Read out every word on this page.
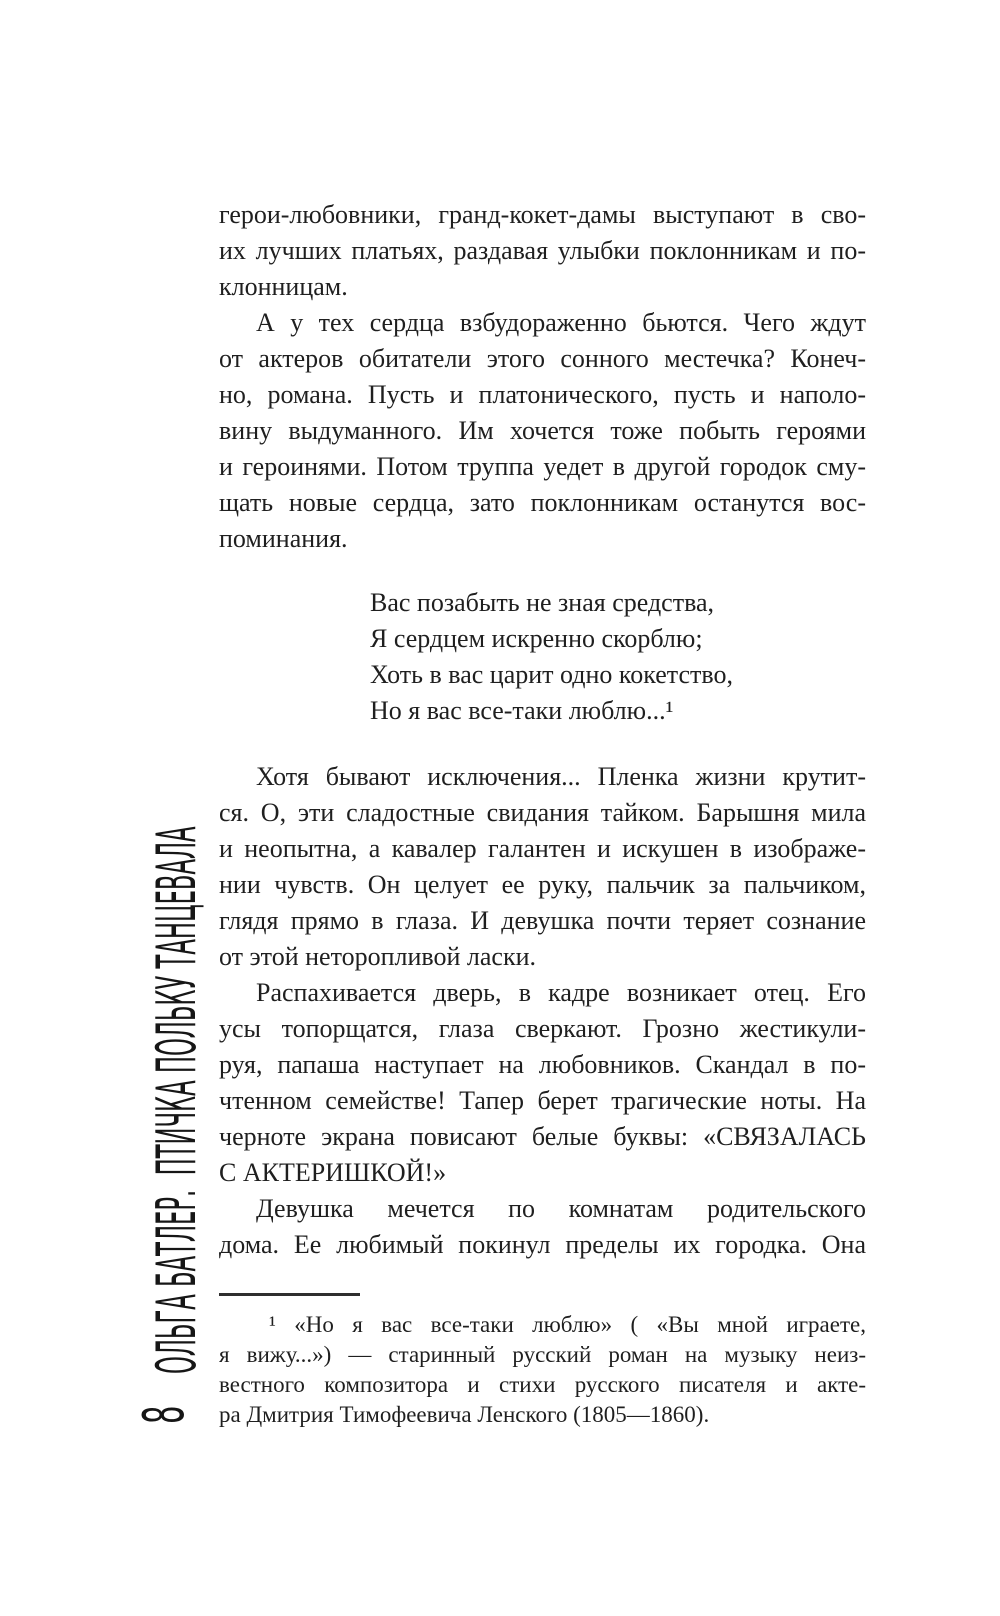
ОЛЬГА БАТЛЕР.  ПТИЧКА ПОЛЬКУ ТАНЦЕВАЛА
8
герои-любовники, гранд-кокет-дамы выступают в сво-
их лучших платьях, раздавая улыбки поклонникам и по-
клонницам.
А у тех сердца взбудораженно бьются. Чего ждут
от актеров обитатели этого сонного местечка? Конеч-
но, романа. Пусть и платонического, пусть и наполо-
вину выдуманного. Им хочется тоже побыть героями
и героинями. Потом труппа уедет в другой городок сму-
щать новые сердца, зато поклонникам останутся вос-
поминания.
Вас позабыть не зная средства,
Я сердцем искренно скорблю;
Хоть в вас царит одно кокетство,
Но я вас все-таки люблю...¹
Хотя бывают исключения... Пленка жизни крутит-
ся. О, эти сладостные свидания тайком. Барышня мила
и неопытна, а кавалер галантен и искушен в изображе-
нии чувств. Он целует ее руку, пальчик за пальчиком,
глядя прямо в глаза. И девушка почти теряет сознание
от этой неторопливой ласки.
Распахивается дверь, в кадре возникает отец. Его
усы топорщатся, глаза сверкают. Грозно жестикули-
руя, папаша наступает на любовников. Скандал в по-
чтенном семействе! Тапер берет трагические ноты. На
черноте экрана повисают белые буквы: «СВЯЗАЛАСЬ
С АКТЕРИШКОЙ!»
Девушка мечется по комнатам родительского
дома. Ее любимый покинул пределы их городка. Она
¹ «Но я вас все-таки люблю» ( «Вы мной играете,
я вижу...») — старинный русский роман на музыку неиз-
вестного композитора и стихи русского писателя и акте-
ра Дмитрия Тимофеевича Ленского (1805—1860).
